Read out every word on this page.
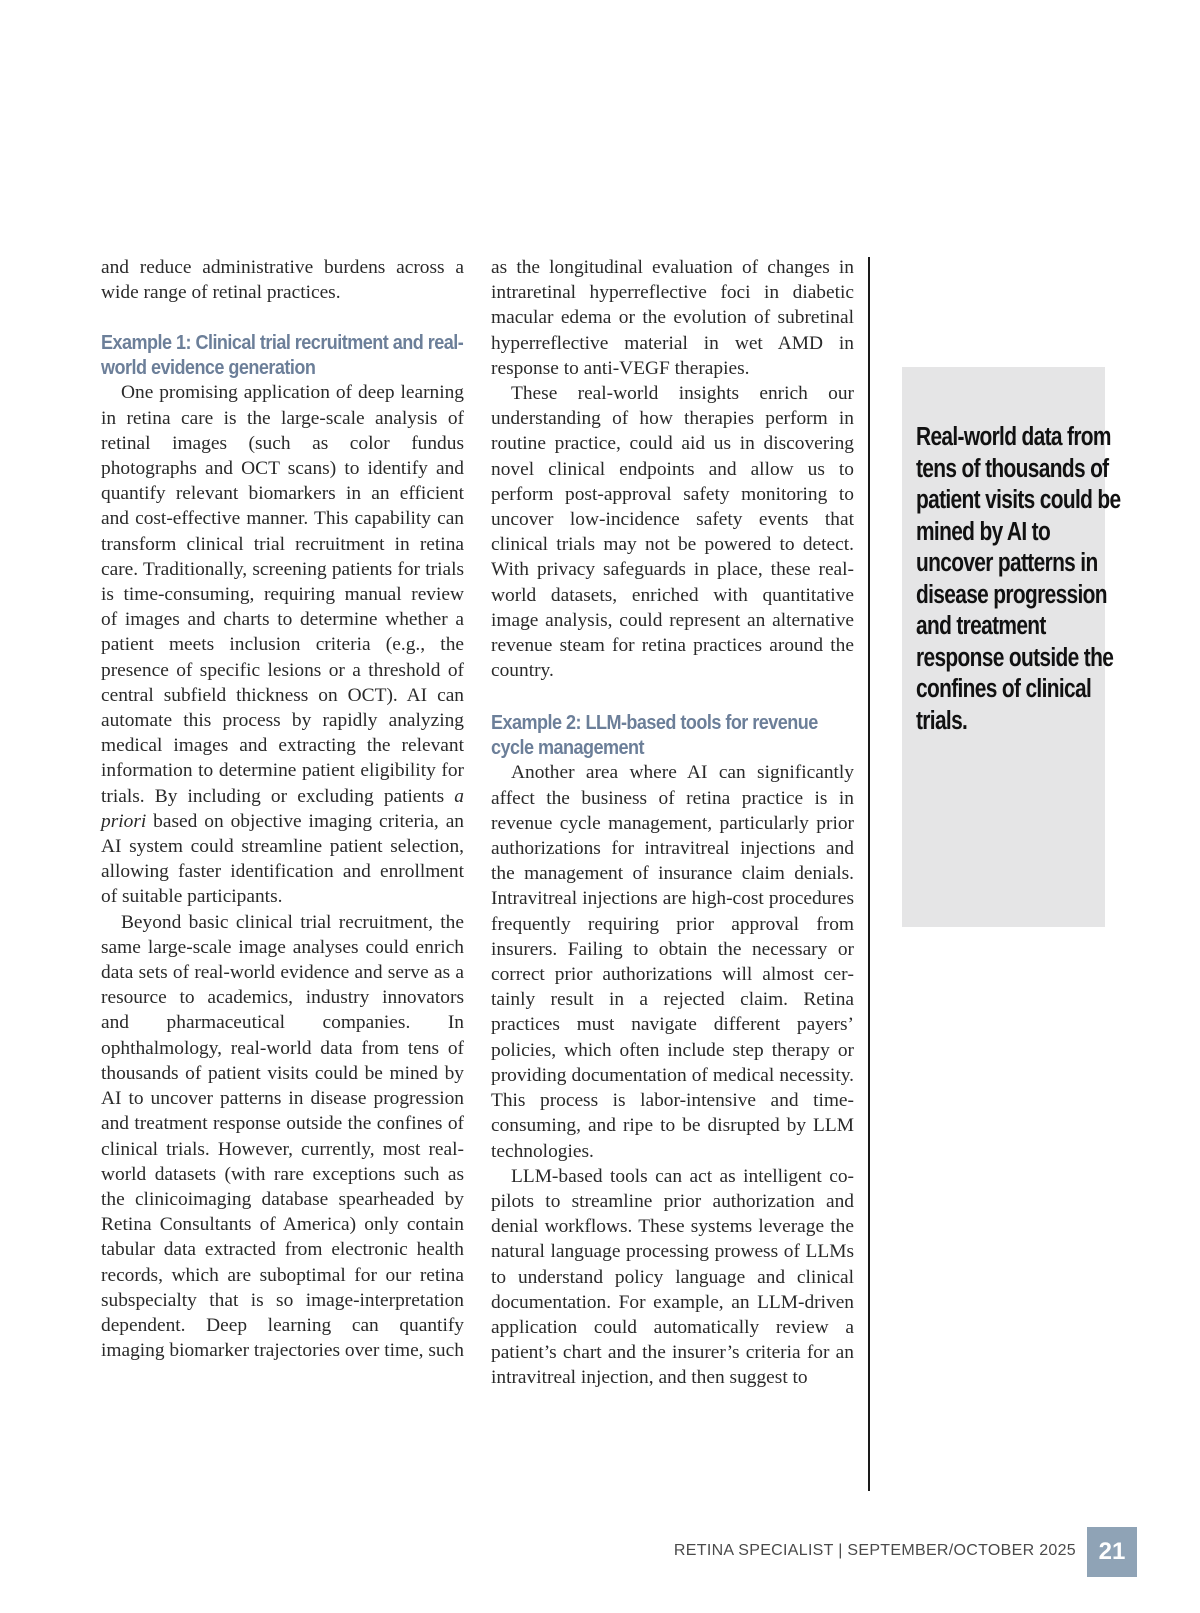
and reduce administrative burdens across a wide range of retinal practices.

Example 1: Clinical trial recruitment and real-world evidence generation

One promising application of deep learning in retina care is the large-scale analysis of retinal images (such as color fundus photographs and OCT scans) to identify and quantify relevant biomarkers in an efficient and cost-effective manner. This capability can transform clinical trial recruitment in retina care. Traditionally, screening patients for trials is time-consuming, requiring manual review of images and charts to determine whether a patient meets inclusion criteria (e.g., the presence of specific lesions or a threshold of central subfield thickness on OCT). AI can automate this process by rapidly analyzing medical images and extracting the relevant information to determine patient eligibility for trials. By including or excluding patients a priori based on objective imaging criteria, an AI system could streamline patient selection, allowing faster identification and enrollment of suitable participants.

Beyond basic clinical trial recruitment, the same large-scale image analyses could enrich data sets of real-world evidence and serve as a resource to academics, industry innovators and pharmaceutical companies. In ophthalmology, real-world data from tens of thousands of patient visits could be mined by AI to uncover patterns in disease progression and treatment response outside the confines of clinical trials. However, currently, most real-world datasets (with rare exceptions such as the clinicoimaging database spearheaded by Retina Consultants of America) only contain tabular data extracted from electronic health records, which are suboptimal for our retina subspecialty that is so image-interpretation dependent. Deep learning can quantify imaging biomarker trajectories over time, such

as the longitudinal evaluation of changes in intraretinal hyperreflective foci in diabetic macular edema or the evolution of subretinal hyperreflective material in wet AMD in response to anti-VEGF therapies.

These real-world insights enrich our understanding of how therapies perform in routine practice, could aid us in discovering novel clinical endpoints and allow us to perform post-approval safety monitoring to uncover low-incidence safety events that clinical trials may not be powered to detect. With privacy safeguards in place, these real-world datasets, enriched with quantitative image analysis, could represent an alternative revenue steam for retina practices around the country.

Example 2: LLM-based tools for revenue cycle management

Another area where AI can significantly affect the business of retina practice is in revenue cycle management, particularly prior authorizations for intravitreal injections and the management of insurance claim denials. Intravitreal injections are high-cost procedures frequently requiring prior approval from insurers. Failing to obtain the necessary or correct prior authorizations will almost certainly result in a rejected claim. Retina practices must navigate different payers’ policies, which often include step therapy or providing documentation of medical necessity. This process is labor-intensive and time-consuming, and ripe to be disrupted by LLM technologies.

LLM-based tools can act as intelligent co-pilots to streamline prior authorization and denial workflows. These systems leverage the natural language processing prowess of LLMs to understand policy language and clinical documentation. For example, an LLM-driven application could automatically review a patient’s chart and the insurer’s criteria for an intravitreal injection, and then suggest to

Real-world data from tens of thousands of patient visits could be mined by AI to uncover patterns in disease progression and treatment response outside the confines of clinical trials.
RETINA SPECIALIST | SEPTEMBER/OCTOBER 2025 21
